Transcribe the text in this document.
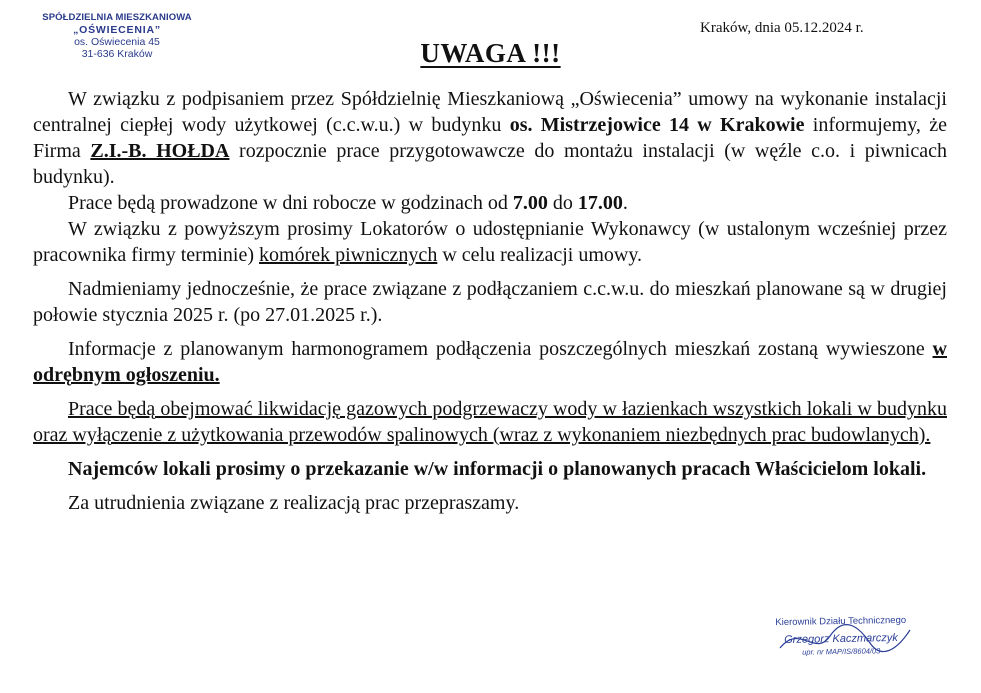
SPÓŁDZIELNIA MIESZKANIOWA
„OŚWIECENIA”
os. Oświecenia 45
31-636 Kraków
Kraków, dnia 05.12.2024 r.
UWAGA !!!

W związku z podpisaniem przez Spółdzielnię Mieszkaniową „Oświecenia” umowy na wykonanie instalacji centralnej ciepłej wody użytkowej (c.c.w.u.) w budynku os. Mistrzejowice 14 w Krakowie informujemy, że Firma Z.I.-B. HOŁDA rozpocznie prace przygotowawcze do montażu instalacji (w węźle c.o. i piwnicach budynku).

Prace będą prowadzone w dni robocze w godzinach od 7.00 do 17.00.

W związku z powyższym prosimy Lokatorów o udostępnianie Wykonawcy (w ustalonym wcześniej przez pracownika firmy terminie) komórek piwnicznych w celu realizacji umowy.

Nadmieniamy jednocześnie, że prace związane z podłączaniem c.c.w.u. do mieszkań planowane są w drugiej połowie stycznia 2025 r. (po 27.01.2025 r.).

Informacje z planowanym harmonogramem podłączenia poszczególnych mieszkań zostaną wywieszone w odrębnym ogłoszeniu.

Prace będą obejmować likwidację gazowych podgrzewaczy wody w łazienkach wszystkich lokali w budynku oraz wyłączenie z użytkowania przewodów spalinowych (wraz z wykonaniem niezbędnych prac budowlanych).

Najemców lokali prosimy o przekazanie w/w informacji o planowanych pracach Właścicielom lokali.

Za utrudnienia związane z realizacją prac przepraszamy.

Kierownik Działu Technicznego
Grzegorz Kaczmarczyk
upr. nr MAP/IS/8604/03
